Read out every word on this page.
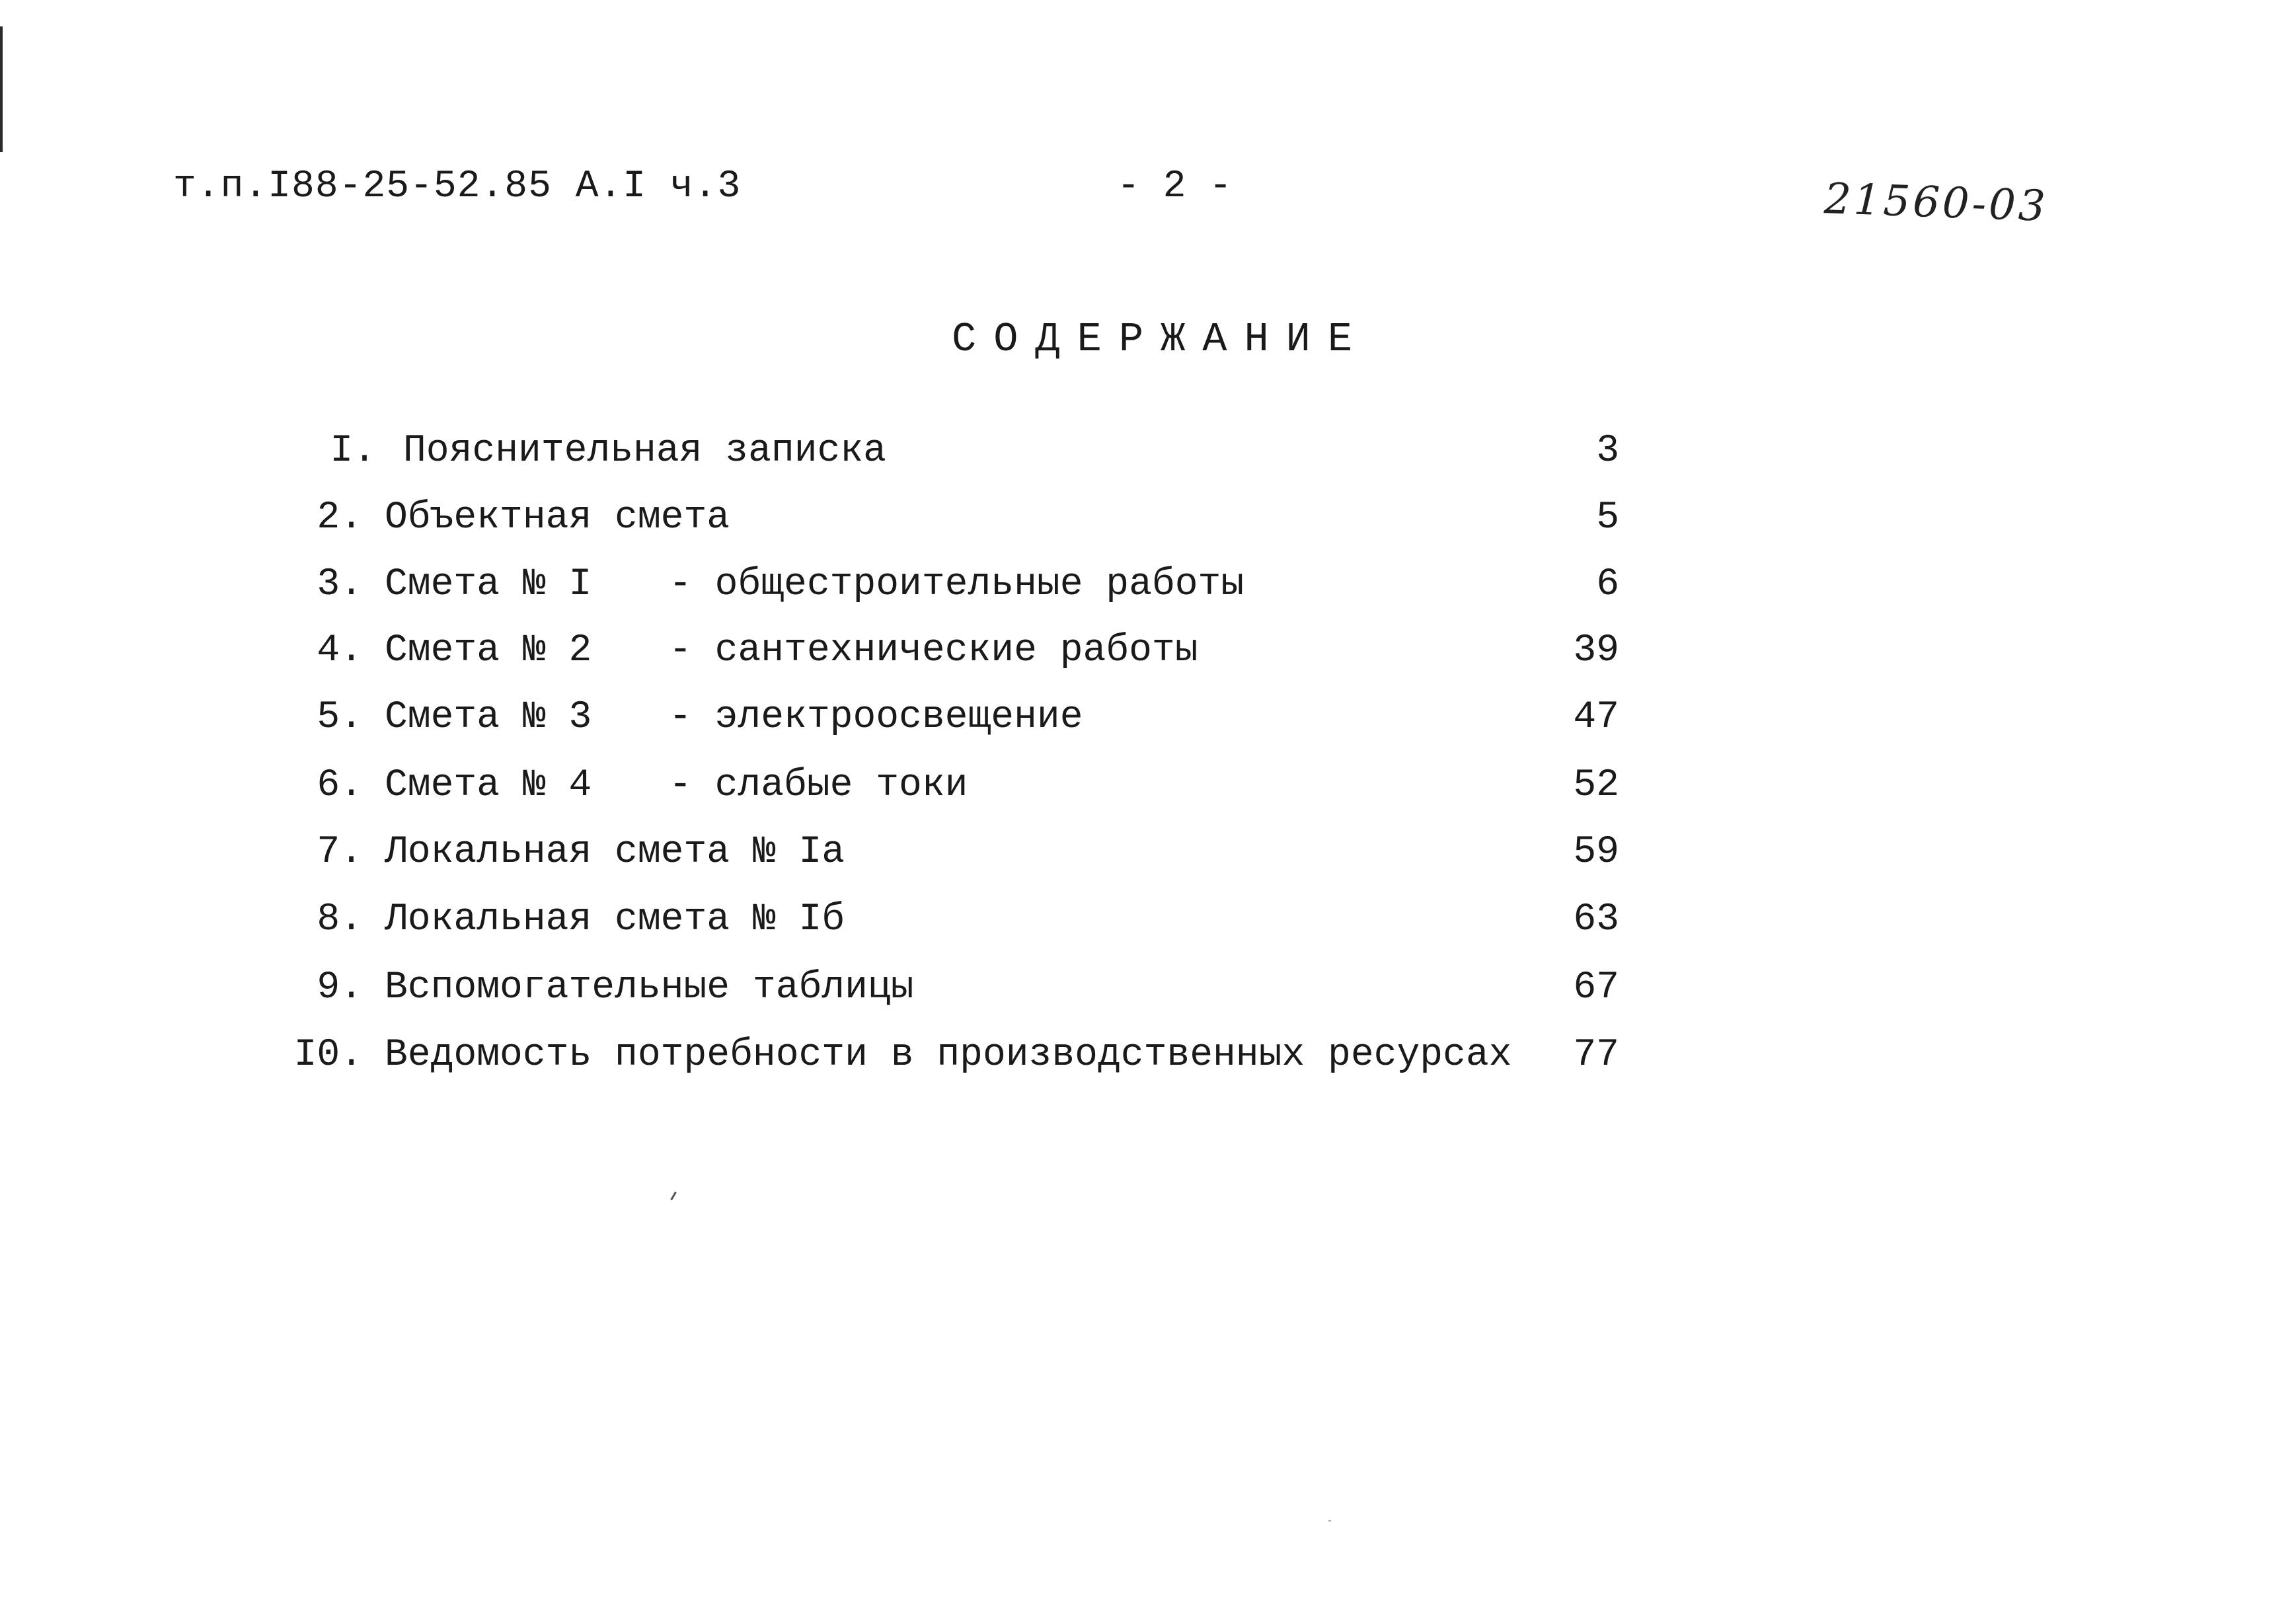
т.п.I88-25-52.85 А.I ч.3	- 2 -	21560-03
СОДЕРЖАНИЕ
I. Пояснительная записка	3
2. Объектная смета	5
3. Смета № I - общестроительные работы	6
4. Смета № 2 - сантехнические работы	39
5. Смета № 3 - электроосвещение	47
6. Смета № 4 - слабые токи	52
7. Локальная смета № Iа	59
8. Локальная смета № Iб	63
9. Вспомогательные таблицы	67
I0. Ведомость потребности в производственных ресурсах 77
